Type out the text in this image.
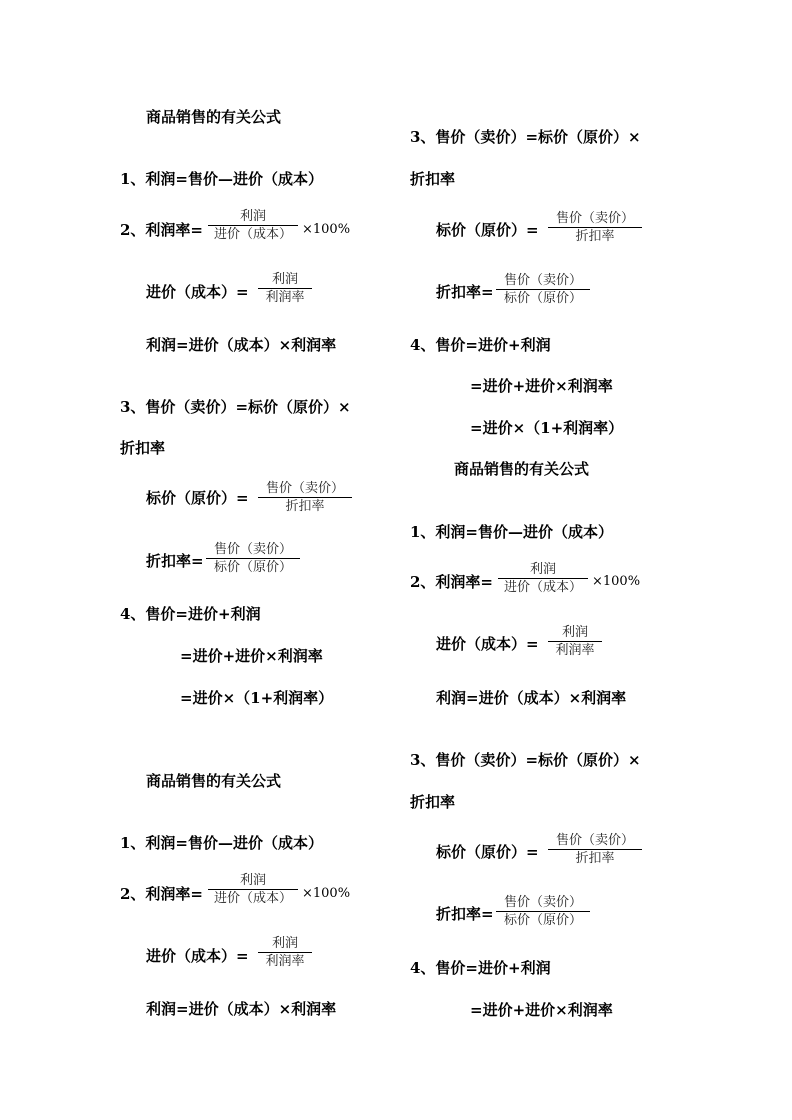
商品销售的有关公式
1、利润=售价—进价（成本）
2、利润率=
利润
进价（成本） ×100%
进价（成本）=
利润
利润率
利润=进价（成本）×利润率
3、售价（卖价）=标价（原价）×
折扣率
标价（原价）=
售价（卖价）
折扣率
折扣率=
售价（卖价）
标价（原价）
4、售价=进价+利润
=进价+进价×利润率
=进价×（1+利润率）
商品销售的有关公式
1、利润=售价—进价（成本）
2、利润率=
利润
进价（成本） ×100%
进价（成本）=
利润
利润率
利润=进价（成本）×利润率
3、售价（卖价）=标价（原价）×
折扣率
标价（原价）=
售价（卖价）
折扣率
折扣率=
售价（卖价）
标价（原价）
4、售价=进价+利润
=进价+进价×利润率
=进价×（1+利润率）
商品销售的有关公式
1、利润=售价—进价（成本）
2、利润率=
利润
进价（成本） ×100%
进价（成本）=
利润
利润率
利润=进价（成本）×利润率
3、售价（卖价）=标价（原价）×
折扣率
标价（原价）=
售价（卖价）
折扣率
折扣率=
售价（卖价）
标价（原价）
4、售价=进价+利润
=进价+进价×利润率
